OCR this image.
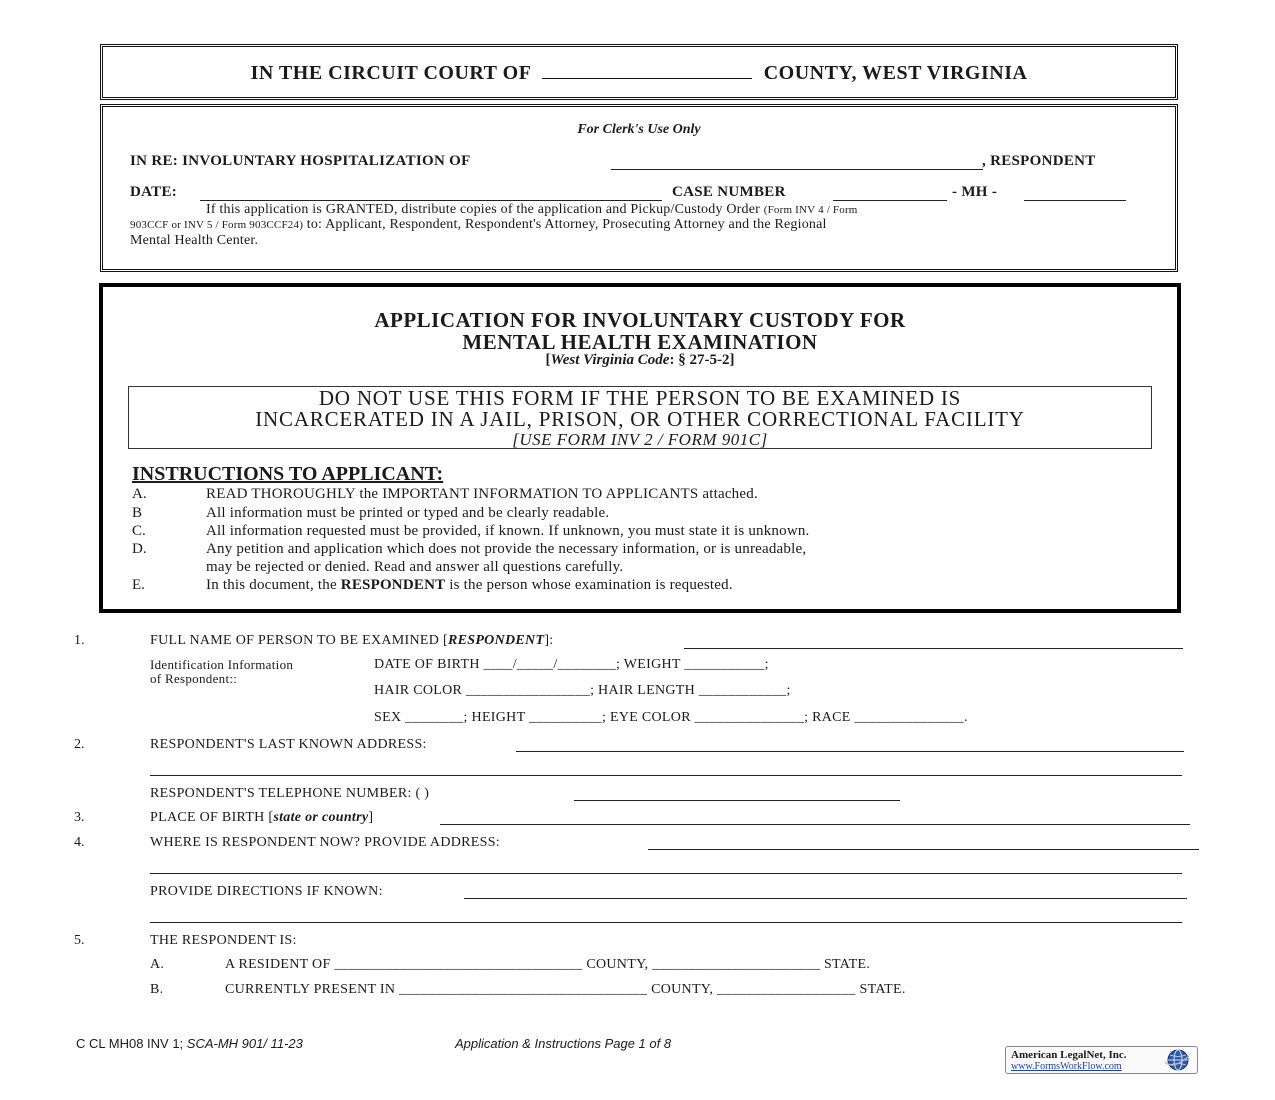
IN THE CIRCUIT COURT OF	COUNTY, WEST VIRGINIA
For Clerk's Use Only
IN RE: INVOLUNTARY HOSPITALIZATION OF	, RESPONDENT
DATE:	CASE NUMBER	- MH -
If this application is GRANTED, distribute copies of the application and Pickup/Custody Order (Form INV 4 / Form
903CCF or INV 5 / Form 903CCF24) to: Applicant, Respondent, Respondent's Attorney, Prosecuting Attorney and the Regional
Mental Health Center.
APPLICATION FOR INVOLUNTARY CUSTODY FOR
MENTAL HEALTH EXAMINATION
[West Virginia Code: § 27-5-2]
DO NOT USE THIS FORM IF THE PERSON TO BE EXAMINED IS
INCARCERATED IN A JAIL, PRISON, OR OTHER CORRECTIONAL FACILITY
[USE FORM INV 2 / FORM 901C]
INSTRUCTIONS TO APPLICANT:
A.	READ THOROUGHLY the IMPORTANT INFORMATION TO APPLICANTS attached.
B	All information must be printed or typed and be clearly readable.
C.	All information requested must be provided, if known. If unknown, you must state it is unknown.
D.	Any petition and application which does not provide the necessary information, or is unreadable,
may be rejected or denied. Read and answer all questions carefully.
E.	In this document, the RESPONDENT is the person whose examination is requested.
1.	FULL NAME OF PERSON TO BE EXAMINED [RESPONDENT]:
Identification Information
of Respondent::
DATE OF BIRTH ____/_____/________; WEIGHT ___________;
HAIR COLOR _________________; HAIR LENGTH ____________;
SEX ________; HEIGHT __________; EYE COLOR _______________; RACE _______________.
2.	RESPONDENT'S LAST KNOWN ADDRESS:
RESPONDENT'S TELEPHONE NUMBER: ( )
3.	PLACE OF BIRTH [state or country]
4.	WHERE IS RESPONDENT NOW? PROVIDE ADDRESS:
PROVIDE DIRECTIONS IF KNOWN:
5.	THE RESPONDENT IS:
A.	A RESIDENT OF __________________________________ COUNTY, _______________________ STATE.
B.	CURRENTLY PRESENT IN __________________________________ COUNTY, ___________________ STATE.
C CL MH08 INV 1; SCA-MH 901/ 11-23	Application & Instructions Page 1 of 8
American LegalNet, Inc.
www.FormsWorkFlow.com
